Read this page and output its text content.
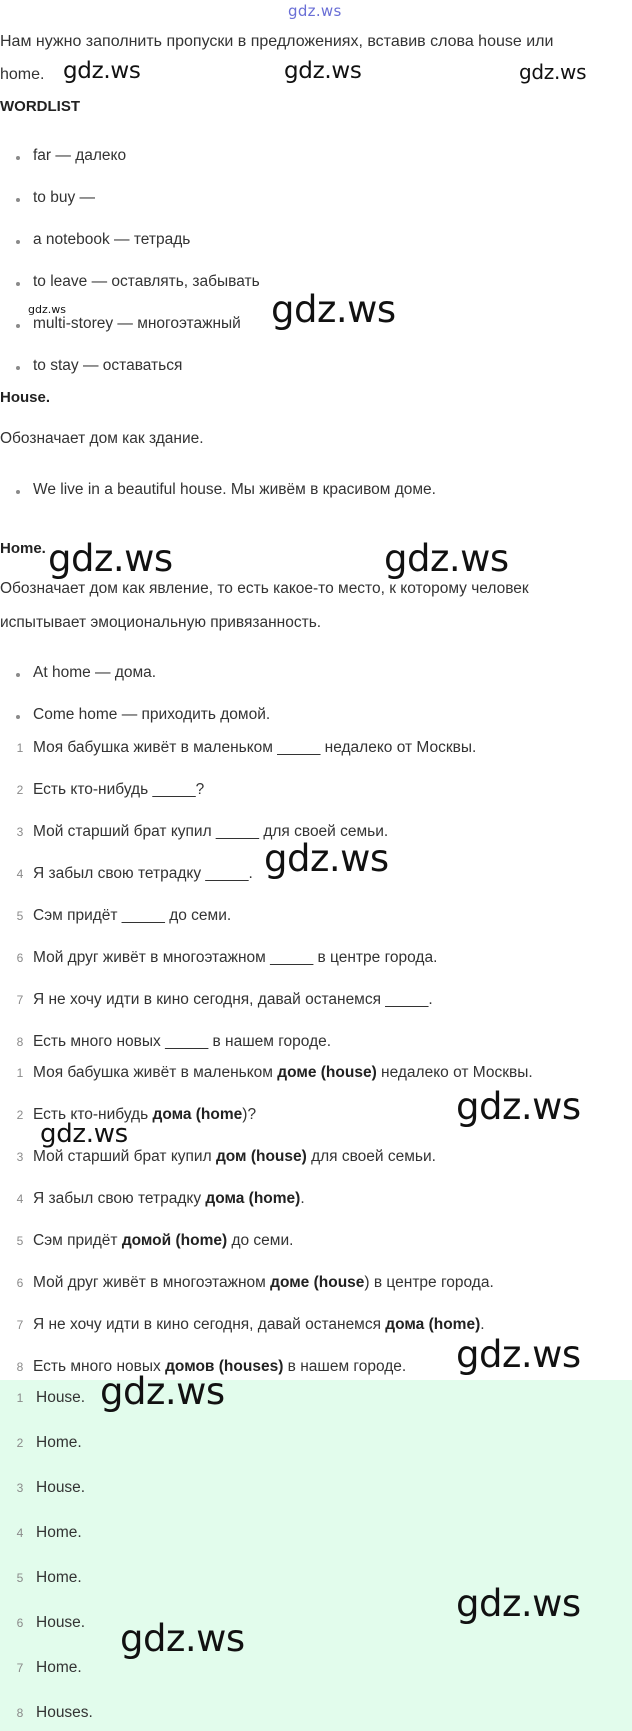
gdz.ws
Нам нужно заполнить пропуски в предложениях, вставив слова house или
home.
WORDLIST
far — далеко
to buy —
a notebook — тетрадь
to leave — оставлять, забывать
multi-storey — многоэтажный
to stay — оставаться
House.
Обозначает дом как здание.
We live in a beautiful house. Мы живём в красивом доме.
Home.
Обозначает дом как явление, то есть какое-то место, к которому человек
испытывает эмоциональную привязанность.
At home — дома.
Come home — приходить домой.
1 Моя бабушка живёт в маленьком _____ недалеко от Москвы.
2 Есть кто-нибудь _____?
3 Мой старший брат купил _____ для своей семьи.
4 Я забыл свою тетрадку _____.
5 Сэм придёт _____ до семи.
6 Мой друг живёт в многоэтажном _____ в центре города.
7 Я не хочу идти в кино сегодня, давай останемся _____.
8 Есть много новых _____ в нашем городе.
1 Моя бабушка живёт в маленьком доме (house) недалеко от Москвы.
2 Есть кто-нибудь дома (home)?
3 Мой старший брат купил дом (house) для своей семьи.
4 Я забыл свою тетрадку дома (home).
5 Сэм придёт домой (home) до семи.
6 Мой друг живёт в многоэтажном доме (house) в центре города.
7 Я не хочу идти в кино сегодня, давай останемся дома (home).
8 Есть много новых домов (houses) в нашем городе.
1 House.
2 Home.
3 House.
4 Home.
5 Home.
6 House.
7 Home.
8 Houses.
gdz.ws	gdz.ws	gdz.ws
gdz.ws	gdz.ws
gdz.ws	gdz.ws
gdz.ws
gdz.ws
gdz.ws
gdz.ws
gdz.ws
gdz.ws
gdz.ws
